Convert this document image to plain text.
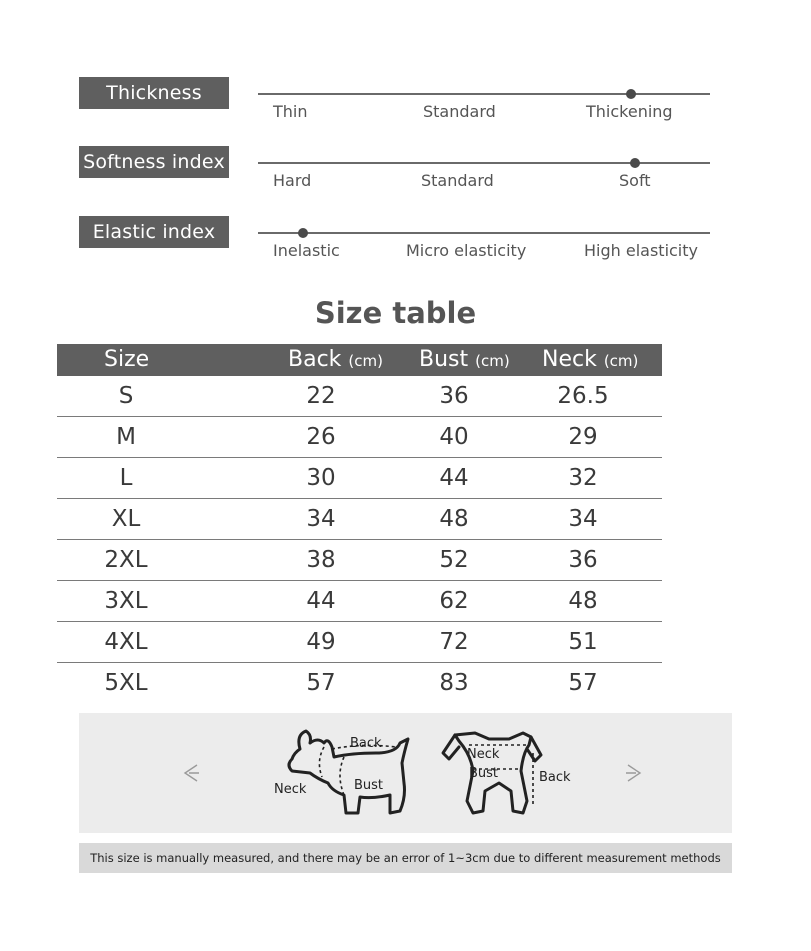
Thickness index
Thin	Standard	Thickening
Softness index
Hard	Standard	Soft
Elastic index
Inelastic	Micro elasticity	High elasticity
Size table
Size	Back (cm) Bust (cm) Neck (cm)
S	22	36	26.5
M	26	40	29
L	30	44	32
XL	34	48	34
2XL	38	52	36
3XL	44	62	48
4XL	49	72	51
5XL	57	83	57
Back
Neck	Bust
Neck
Bust	Back
This size is manually measured, and there may be an error of 1~3cm due to different measurement methods
